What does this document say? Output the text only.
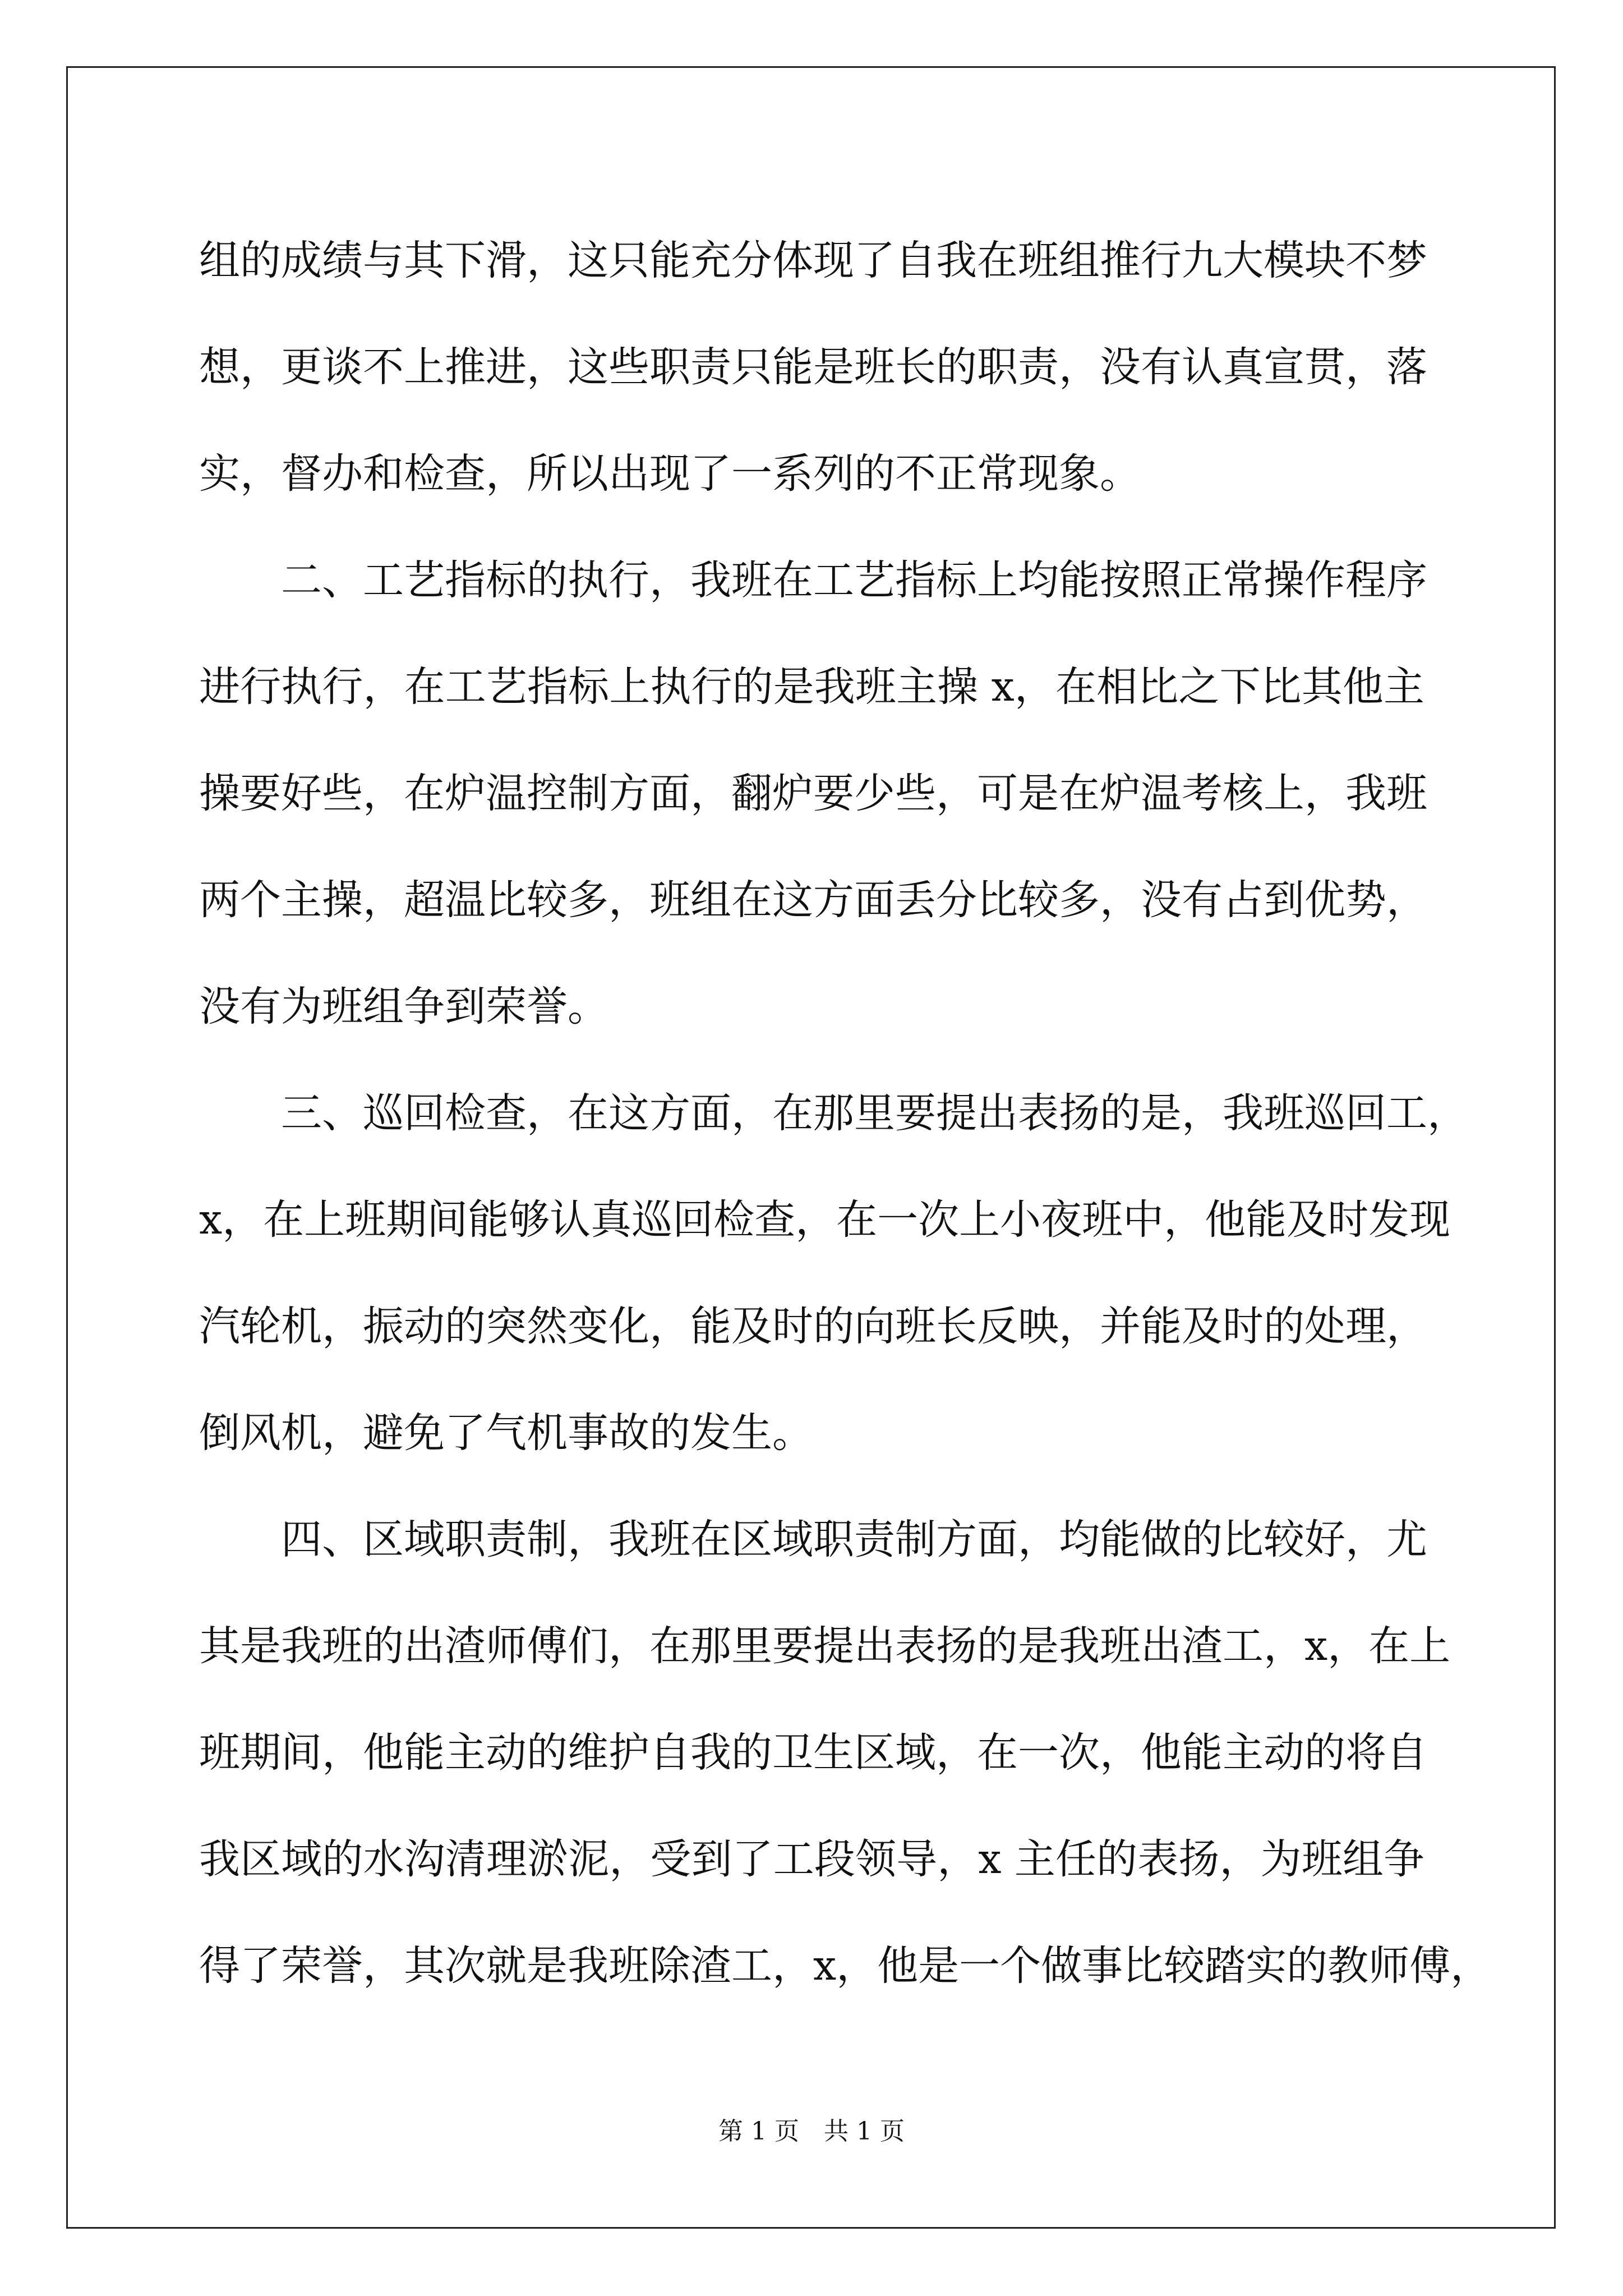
组的成绩与其下滑，这只能充分体现了自我在班组推行九大模块不梦
想，更谈不上推进，这些职责只能是班长的职责，没有认真宣贯，落
实，督办和检查，所以出现了一系列的不正常现象。
二、工艺指标的执行，我班在工艺指标上均能按照正常操作程序
进行执行，在工艺指标上执行的是我班主操 x，在相比之下比其他主
操要好些，在炉温控制方面，翻炉要少些，可是在炉温考核上，我班
两个主操，超温比较多，班组在这方面丢分比较多，没有占到优势，
没有为班组争到荣誉。
三、巡回检查，在这方面，在那里要提出表扬的是，我班巡回工，
x，在上班期间能够认真巡回检查，在一次上小夜班中，他能及时发现
汽轮机，振动的突然变化，能及时的向班长反映，并能及时的处理，
倒风机，避免了气机事故的发生。
四、区域职责制，我班在区域职责制方面，均能做的比较好，尤
其是我班的出渣师傅们，在那里要提出表扬的是我班出渣工，x，在上
班期间，他能主动的维护自我的卫生区域，在一次，他能主动的将自
我区域的水沟清理淤泥，受到了工段领导，x 主任的表扬，为班组争
得了荣誉，其次就是我班除渣工，x，他是一个做事比较踏实的教师傅，
第 1 页　共 1 页
